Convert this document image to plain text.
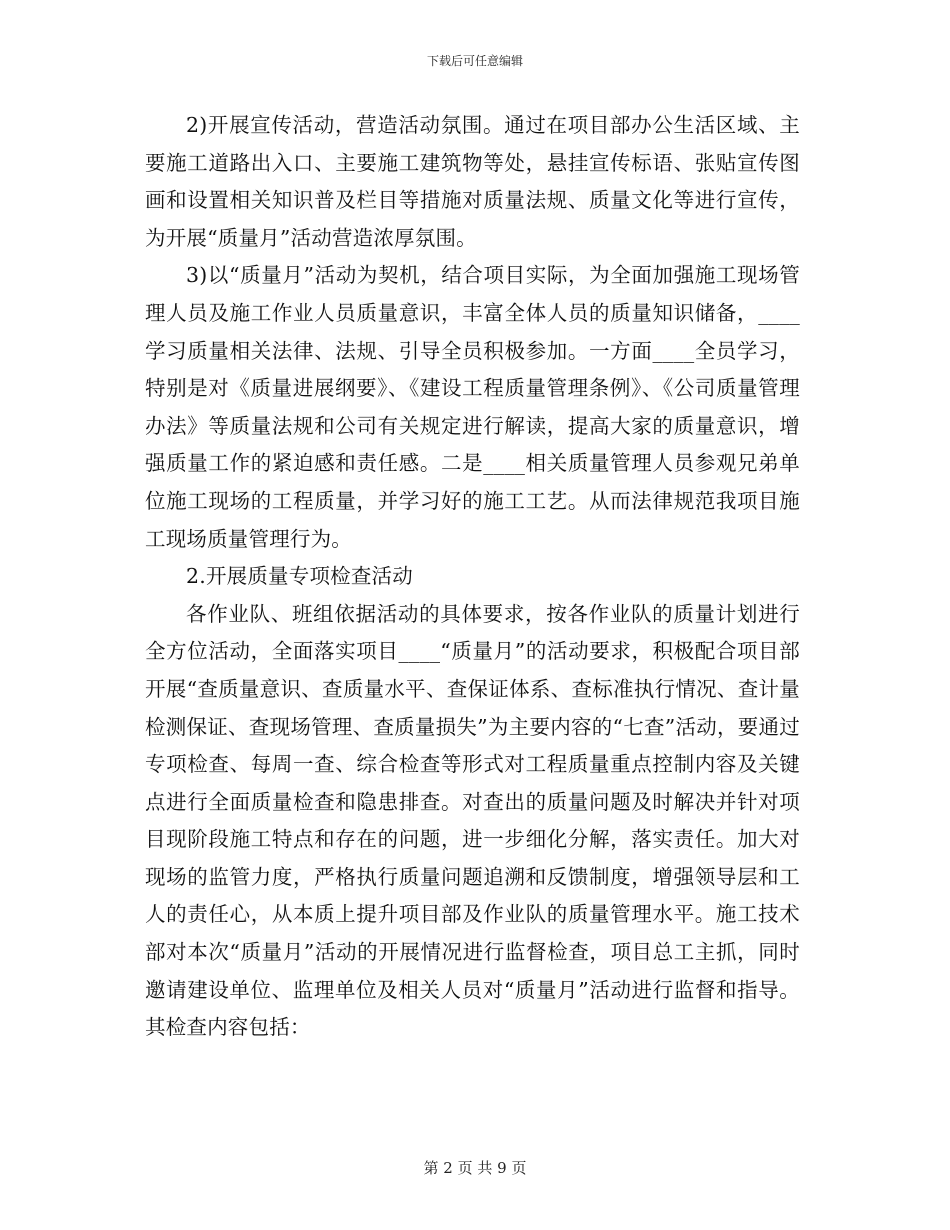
下载后可任意编辑

2)开展宣传活动，营造活动氛围。通过在项目部办公生活区域、主要施工道路出入口、主要施工建筑物等处，悬挂宣传标语、张贴宣传图画和设置相关知识普及栏目等措施对质量法规、质量文化等进行宣传，为开展“质量月”活动营造浓厚氛围。

3)以“质量月”活动为契机，结合项目实际，为全面加强施工现场管理人员及施工作业人员质量意识，丰富全体人员的质量知识储备，____学习质量相关法律、法规、引导全员积极参加。一方面____全员学习，特别是对《质量进展纲要》、《建设工程质量管理条例》、《公司质量管理办法》等质量法规和公司有关规定进行解读，提高大家的质量意识，增强质量工作的紧迫感和责任感。二是____相关质量管理人员参观兄弟单位施工现场的工程质量，并学习好的施工工艺。从而法律规范我项目施工现场质量管理行为。

2.开展质量专项检查活动

各作业队、班组依据活动的具体要求，按各作业队的质量计划进行全方位活动，全面落实项目____“质量月”的活动要求，积极配合项目部开展“查质量意识、查质量水平、查保证体系、查标准执行情况、查计量检测保证、查现场管理、查质量损失”为主要内容的“七查”活动，要通过专项检查、每周一查、综合检查等形式对工程质量重点控制内容及关键点进行全面质量检查和隐患排查。对查出的质量问题及时解决并针对项目现阶段施工特点和存在的问题，进一步细化分解，落实责任。加大对现场的监管力度，严格执行质量问题追溯和反馈制度，增强领导层和工人的责任心，从本质上提升项目部及作业队的质量管理水平。施工技术部对本次“质量月”活动的开展情况进行监督检查，项目总工主抓，同时邀请建设单位、监理单位及相关人员对“质量月”活动进行监督和指导。其检查内容包括：

第 2 页 共 9 页
